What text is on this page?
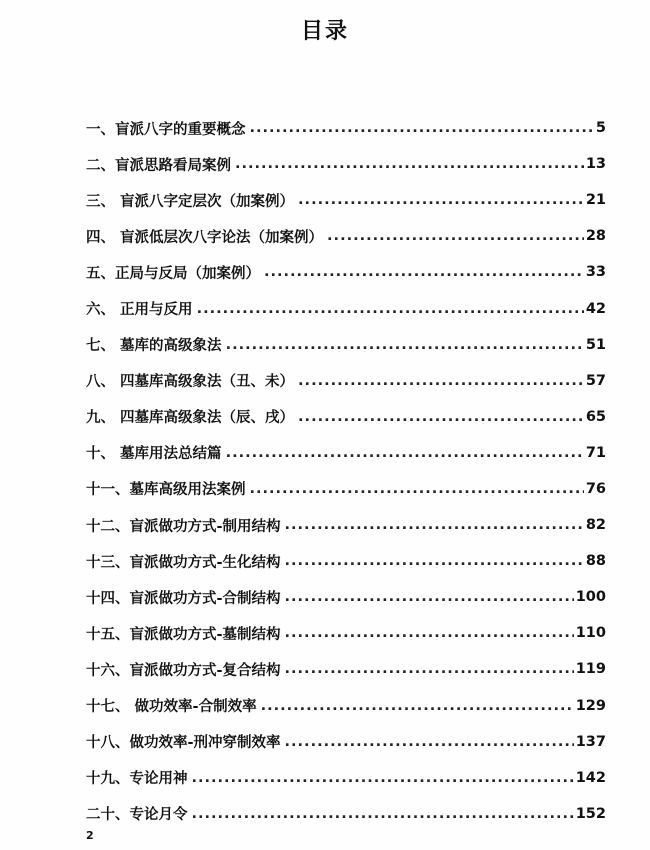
目录
一、盲派八字的重要概念 .....	5
二、盲派思路看局案例 .....	13
三、 盲派八字定层次（加案例） .....	21
四、 盲派低层次八字论法（加案例） .....	28
五、正局与反局（加案例） .....	33
六、 正用与反用 .....	42
七、 墓库的高级象法 .....	51
八、 四墓库高级象法（丑、未） .....	57
九、 四墓库高级象法（辰、戌） .....	65
十、 墓库用法总结篇 .....	71
十一、墓库高级用法案例 .....	76
十二、盲派做功方式-制用结构 .....	82
十三、盲派做功方式-生化结构 .....	88
十四、盲派做功方式-合制结构 .....	100
十五、盲派做功方式-墓制结构 .....	110
十六、盲派做功方式-复合结构 .....	119
十七、 做功效率-合制效率 .....	129
十八、做功效率-刑冲穿制效率 .....	137
十九、专论用神 .....	142
二十、专论月令 .....	152
2
